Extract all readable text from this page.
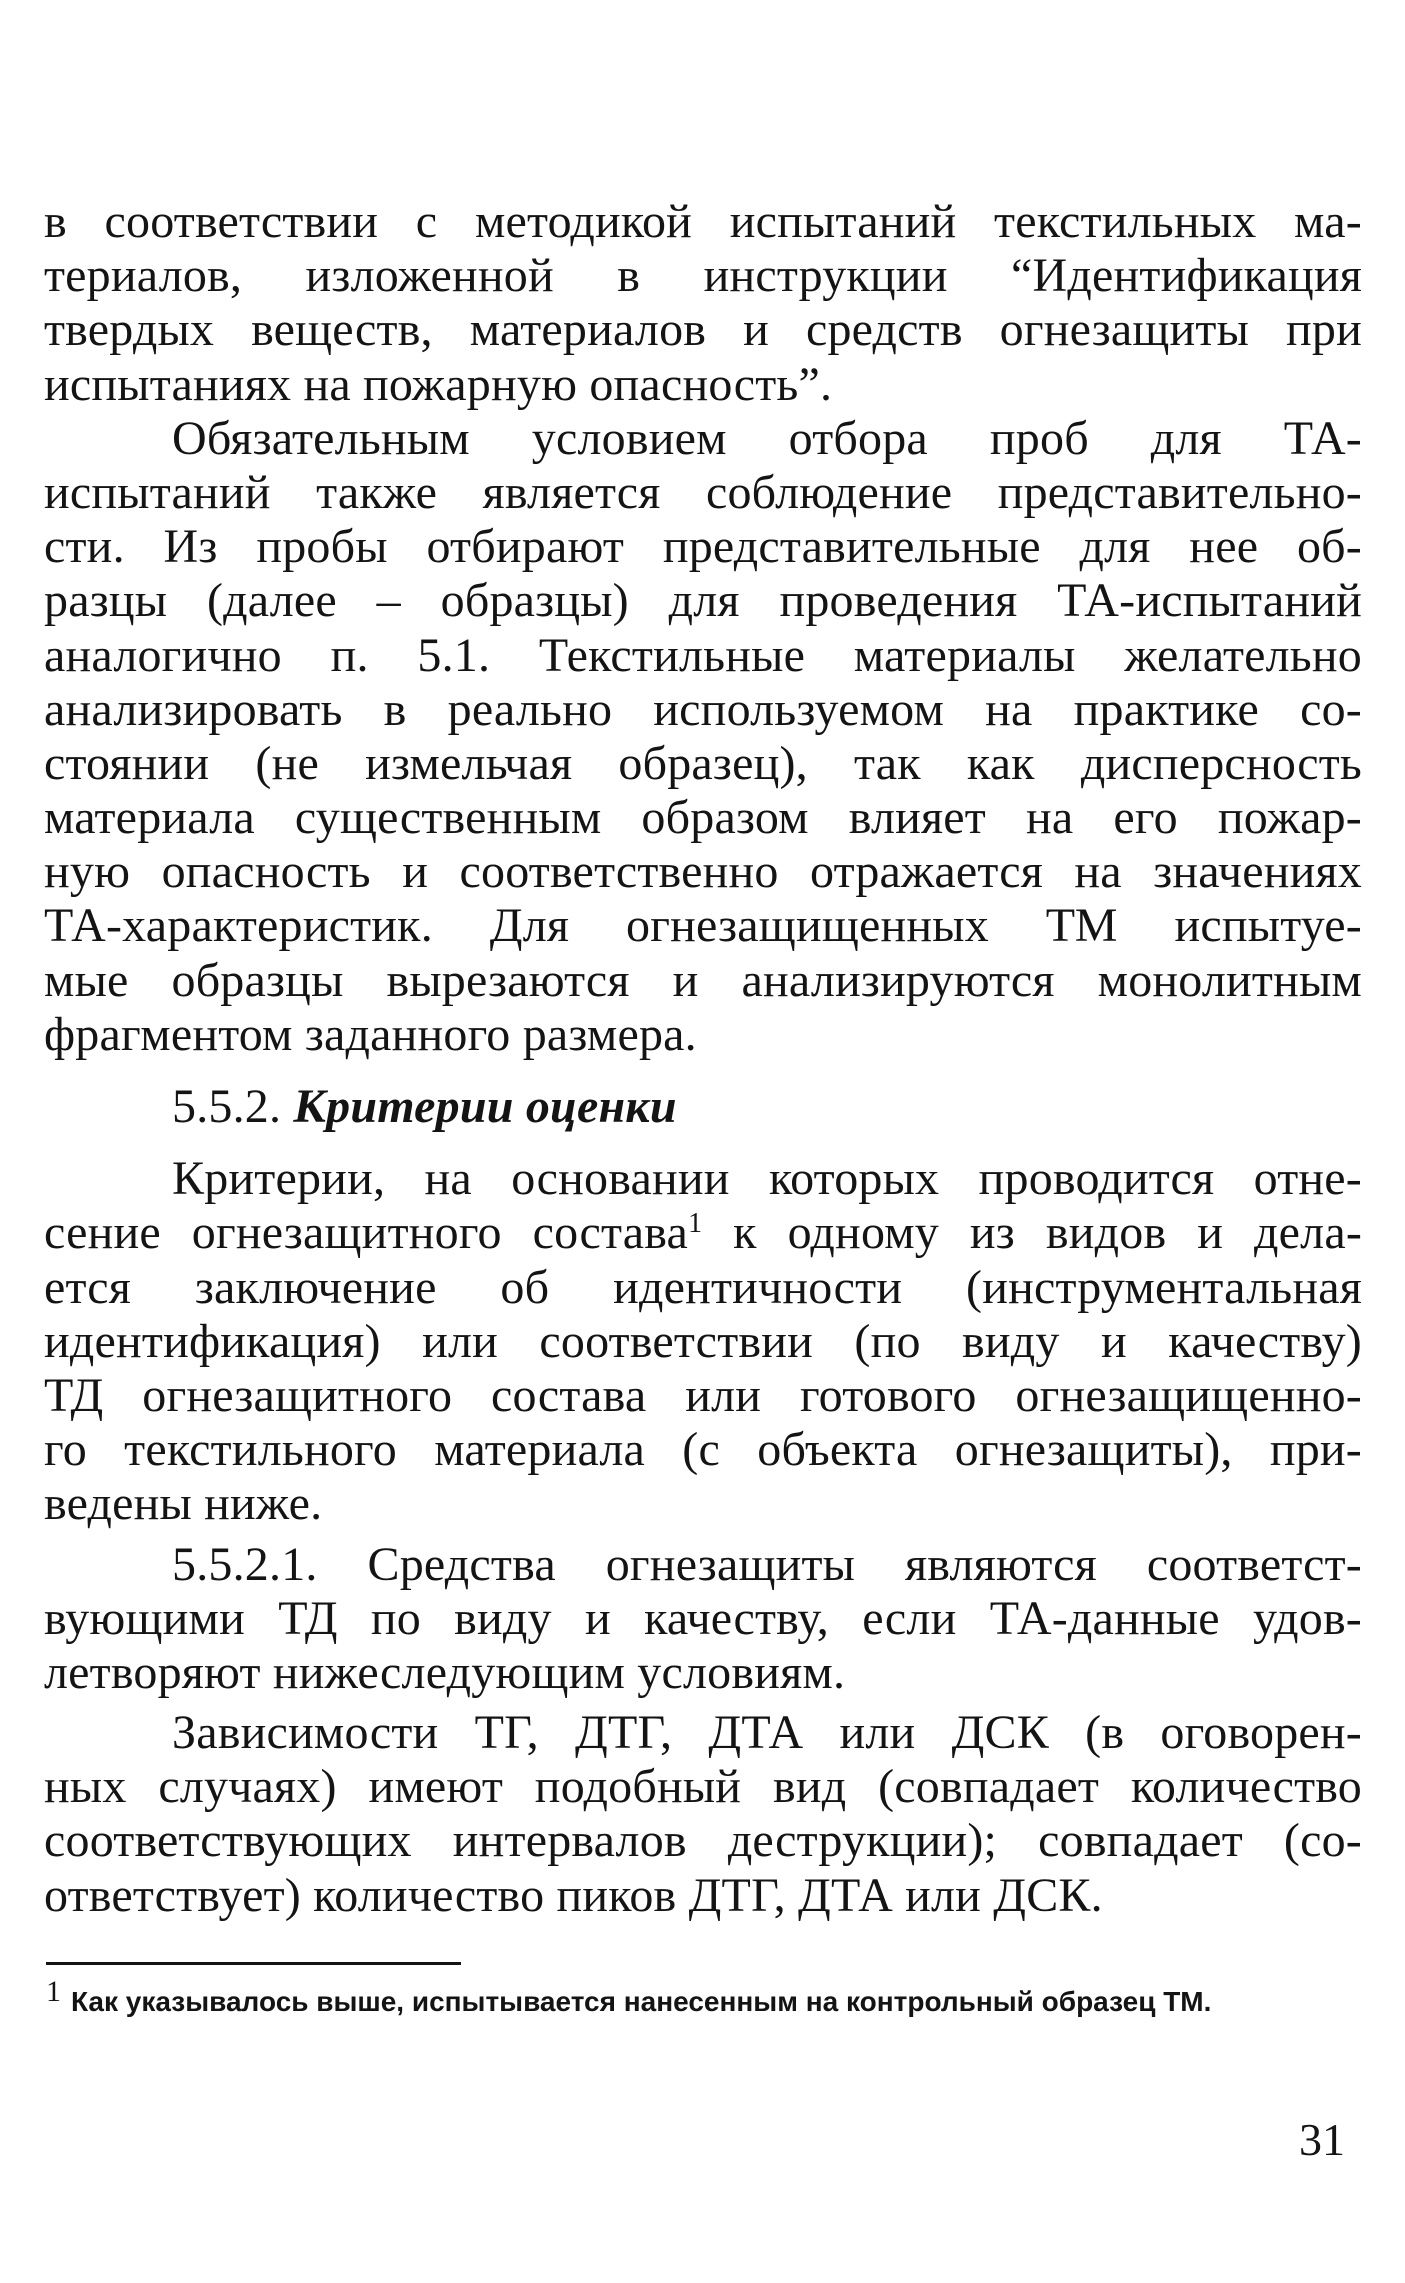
в соответствии с методикой испытаний текстильных ма-
териалов, изложенной в инструкции “Идентификация
твердых веществ, материалов и средств огнезащиты при
испытаниях на пожарную опасность”.
Обязательным условием отбора проб для ТА-
испытаний также является соблюдение представительно-
сти. Из пробы отбирают представительные для нее об-
разцы (далее – образцы) для проведения ТА-испытаний
аналогично п. 5.1. Текстильные материалы желательно
анализировать в реально используемом на практике со-
стоянии (не измельчая образец), так как дисперсность
материала существенным образом влияет на его пожар-
ную опасность и соответственно отражается на значениях
ТА-характеристик. Для огнезащищенных ТМ испытуе-
мые образцы вырезаются и анализируются монолитным
фрагментом заданного размера.
5.5.2. Критерии оценки
Критерии, на основании которых проводится отне-
сение огнезащитного состава$^1$ к одному из видов и дела-
ется заключение об идентичности (инструментальная
идентификация) или соответствии (по виду и качеству)
ТД огнезащитного состава или готового огнезащищенно-
го текстильного материала (с объекта огнезащиты), при-
ведены ниже.
5.5.2.1. Средства огнезащиты являются соответст-
вующими ТД по виду и качеству, если ТА-данные удов-
летворяют нижеследующим условиям.
Зависимости ТГ, ДТГ, ДТА или ДСК (в оговорен-
ных случаях) имеют подобный вид (совпадает количество
соответствующих интервалов деструкции); совпадает (со-
ответствует) количество пиков ДТГ, ДТА или ДСК.
$^1$ Как указывалось выше, испытывается нанесенным на контрольный образец ТМ.
31
